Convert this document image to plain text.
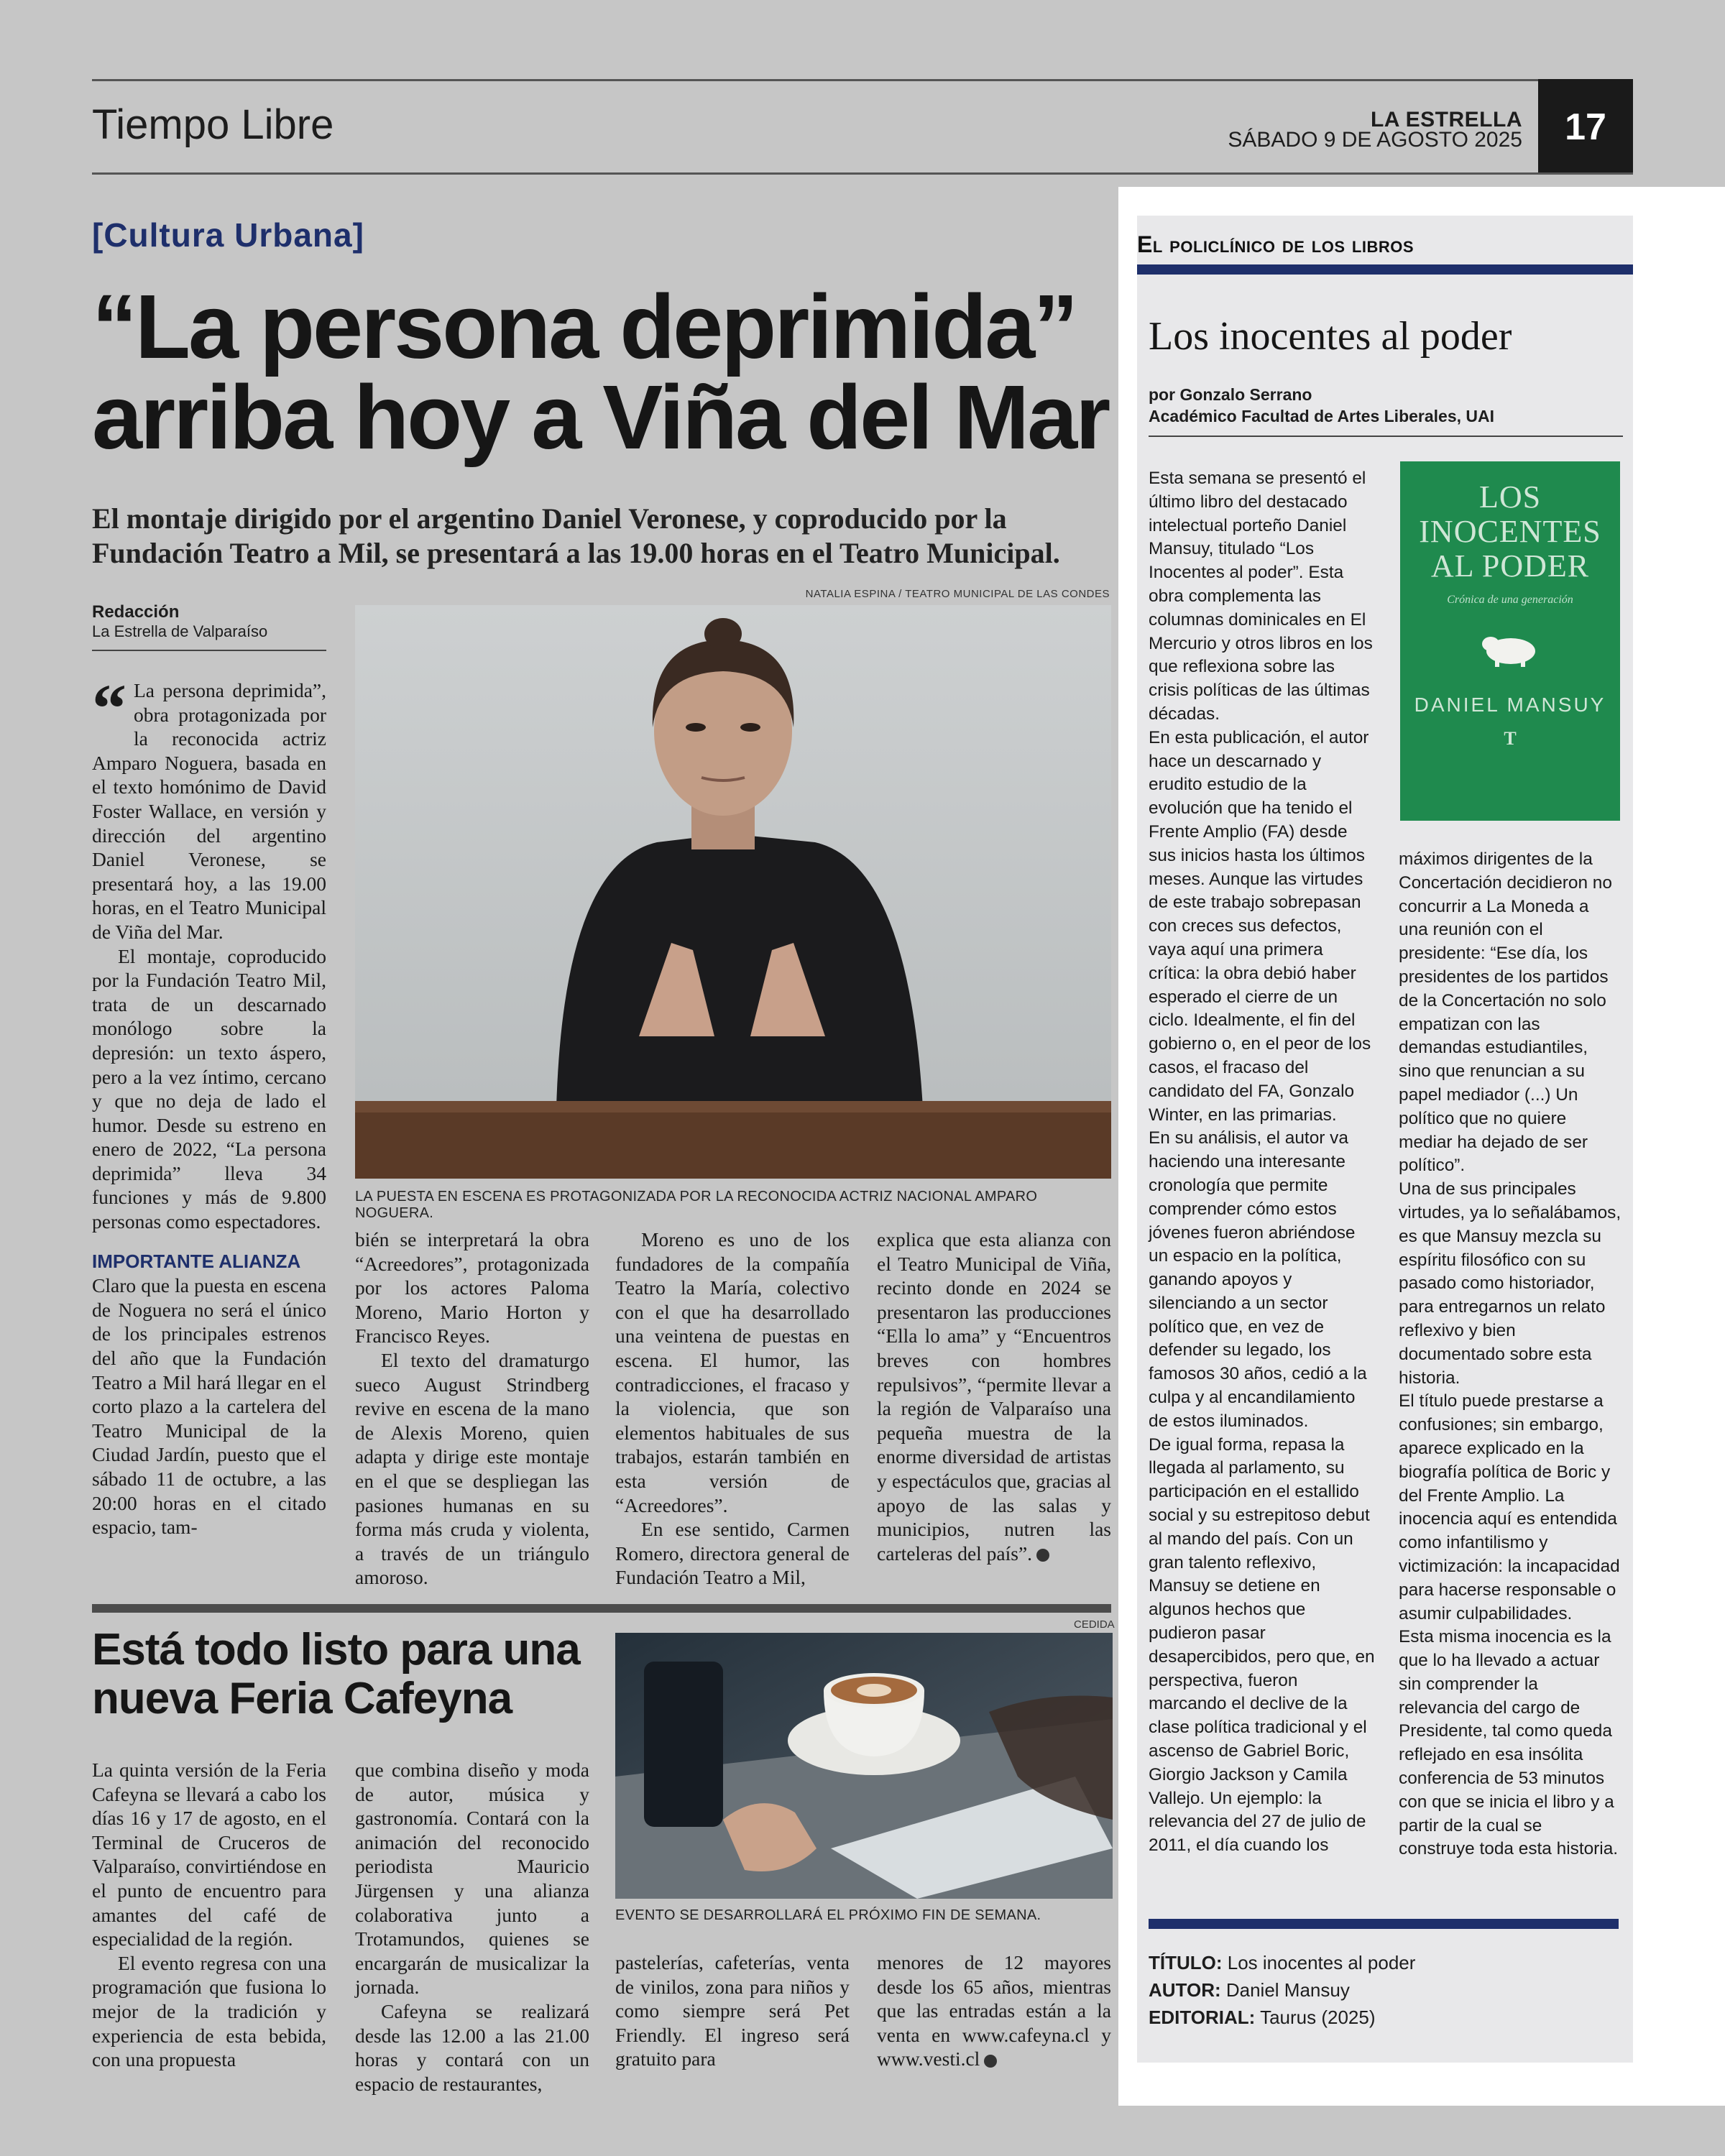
Tiempo Libre	LA ESTRELLA
SÁBADO 9 DE AGOSTO 2025	17
[Cultura Urbana]
“La persona deprimida”
arriba hoy a Viña del Mar
El montaje dirigido por el argentino Daniel Veronese, y coproducido por la Fundación Teatro a Mil, se presentará a las 19.00 horas en el Teatro Municipal.
Redacción
La Estrella de Valparaíso
NATALIA ESPINA / TEATRO MUNICIPAL DE LAS CONDES
LA PUESTA EN ESCENA ES PROTAGONIZADA POR LA RECONOCIDA ACTRIZ NACIONAL AMPARO NOGUERA.

“ La persona deprimida”, obra protagonizada por la reconocida actriz Amparo Noguera, basada en el texto homónimo de David Foster Wallace, en versión y dirección del argentino Daniel Veronese, se presentará hoy, a las 19.00 horas, en el Teatro Municipal de Viña del Mar.

El montaje, coproducido por la Fundación Teatro Mil, trata de un descarnado monólogo sobre la depresión: un texto áspero, pero a la vez íntimo, cercano y que no deja de lado el humor. Desde su estreno en enero de 2022, “La persona deprimida” lleva 34 funciones y más de 9.800 personas como espectadores.

IMPORTANTE ALIANZA

Claro que la puesta en escena de Noguera no será el único de los principales estrenos del año que la Fundación Teatro a Mil hará llegar en el corto plazo a la cartelera del Teatro Municipal de la Ciudad Jardín, puesto que el sábado 11 de octubre, a las 20:00 horas en el citado espacio, tam-

bién se interpretará la obra “Acreedores”, protagonizada por los actores Paloma Moreno, Mario Horton y Francisco Reyes.

El texto del dramaturgo sueco August Strindberg revive en escena de la mano de Alexis Moreno, quien adapta y dirige este montaje en el que se despliegan las pasiones humanas en su forma más cruda y violenta, a través de un triángulo amoroso.

Moreno es uno de los fundadores de la compañía Teatro la María, colectivo con el que ha desarrollado una veintena de puestas en escena. El humor, las contradicciones, el fracaso y la violencia, que son elementos habituales de sus trabajos, estarán también en esta versión de “Acreedores”.

En ese sentido, Carmen Romero, directora general de Fundación Teatro a Mil,

explica que esta alianza con el Teatro Municipal de Viña, recinto donde en 2024 se presentaron las producciones “Ella lo ama” y “Encuentros breves con hombres repulsivos”, “permite llevar a la región de Valparaíso una pequeña muestra de la enorme diversidad de artistas y espectáculos que, gracias al apoyo de las salas y municipios, nutren las carteleras del país”.

Está todo listo para una nueva Feria Cafeyna
CEDIDA
EVENTO SE DESARROLLARÁ EL PRÓXIMO FIN DE SEMANA.

La quinta versión de la Feria Cafeyna se llevará a cabo los días 16 y 17 de agosto, en el Terminal de Cruceros de Valparaíso, convirtiéndose en el punto de encuentro para amantes del café de especialidad de la región.

El evento regresa con una programación que fusiona lo mejor de la tradición y experiencia de esta bebida, con una propuesta

que combina diseño y moda de autor, música y gastronomía. Contará con la animación del reconocido periodista Mauricio Jürgensen y una alianza colaborativa junto a Trotamundos, quienes se encargarán de musicalizar la jornada.

Cafeyna se realizará desde las 12.00 a las 21.00 horas y contará con un espacio de restaurantes,

pastelerías, cafeterías, venta de vinilos, zona para niños y como siempre será Pet Friendly. El ingreso será gratuito para

menores de 12 mayores desde los 65 años, mientras que las entradas están a la venta en www.cafeyna.cl y www.vesti.cl

El policlínico de los libros
Los inocentes al poder
por Gonzalo Serrano
Académico Facultad de Artes Liberales, UAI
LOS INOCENTES AL PODER
Crónica de una generación
DANIEL MANSUY
T

Esta semana se presentó el último libro del destacado intelectual porteño Daniel Mansuy, titulado “Los Inocentes al poder”. Esta obra complementa las columnas dominicales en El Mercurio y otros libros en los que reflexiona sobre las crisis políticas de las últimas décadas.

En esta publicación, el autor hace un descarnado y erudito estudio de la evolución que ha tenido el Frente Amplio (FA) desde sus inicios hasta los últimos meses. Aunque las virtudes de este trabajo sobrepasan con creces sus defectos, vaya aquí una primera crítica: la obra debió haber esperado el cierre de un ciclo. Idealmente, el fin del gobierno o, en el peor de los casos, el fracaso del candidato del FA, Gonzalo Winter, en las primarias.

En su análisis, el autor va haciendo una interesante cronología que permite comprender cómo estos jóvenes fueron abriéndose un espacio en la política, ganando apoyos y silenciando a un sector político que, en vez de defender su legado, los famosos 30 años, cedió a la culpa y al encandilamiento de estos iluminados.

De igual forma, repasa la llegada al parlamento, su participación en el estallido social y su estrepitoso debut al mando del país. Con un gran talento reflexivo, Mansuy se detiene en algunos hechos que pudieron pasar desapercibidos, pero que, en perspectiva, fueron marcando el declive de la clase política tradicional y el ascenso de Gabriel Boric, Giorgio Jackson y Camila Vallejo. Un ejemplo: la relevancia del 27 de julio de 2011, el día cuando los

máximos dirigentes de la Concertación decidieron no concurrir a La Moneda a una reunión con el presidente: “Ese día, los presidentes de los partidos de la Concertación no solo empatizan con las demandas estudiantiles, sino que renuncian a su papel mediador (...) Un político que no quiere mediar ha dejado de ser político”.

Una de sus principales virtudes, ya lo señalábamos, es que Mansuy mezcla su espíritu filosófico con su pasado como historiador, para entregarnos un relato reflexivo y bien documentado sobre esta historia.

El título puede prestarse a confusiones; sin embargo, aparece explicado en la biografía política de Boric y del Frente Amplio. La inocencia aquí es entendida como infantilismo y victimización: la incapacidad para hacerse responsable o asumir culpabilidades.

Esta misma inocencia es la que lo ha llevado a actuar sin comprender la relevancia del cargo de Presidente, tal como queda reflejado en esa insólita conferencia de 53 minutos con que se inicia el libro y a partir de la cual se construye toda esta historia.

TÍTULO: Los inocentes al poder
AUTOR: Daniel Mansuy
EDITORIAL: Taurus (2025)
